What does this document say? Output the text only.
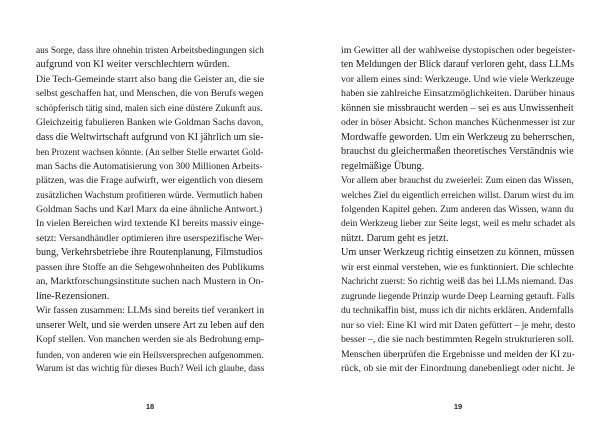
aus Sorge, dass ihre ohnehin tristen Arbeitsbedingungen sich
aufgrund von KI weiter verschlechtern würden.
Die Tech-Gemeinde starrt also bang die Geister an, die sie
selbst geschaffen hat, und Menschen, die von Berufs wegen
schöpferisch tätig sind, malen sich eine düstere Zukunft aus.
Gleichzeitig fabulieren Banken wie Goldman Sachs davon,
dass die Weltwirtschaft aufgrund von KI jährlich um sie-
ben Prozent wachsen könnte. (An selber Stelle erwartet Gold-
man Sachs die Automatisierung von 300 Millionen Arbeits-
plätzen, was die Frage aufwirft, wer eigentlich von diesem
zusätzlichen Wachstum profitieren würde. Vermutlich haben
Goldman Sachs und Karl Marx da eine ähnliche Antwort.)
In vielen Bereichen wird textende KI bereits massiv einge-
setzt: Versandhändler optimieren ihre userspezifische Wer-
bung, Verkehrsbetriebe ihre Routenplanung, Filmstudios
passen ihre Stoffe an die Sehgewohnheiten des Publikums
an, Marktforschungsinstitute suchen nach Mustern in On-
line-Rezensionen.
Wir fassen zusammen: LLMs sind bereits tief verankert in
unserer Welt, und sie werden unsere Art zu leben auf den
Kopf stellen. Von manchen werden sie als Bedrohung emp-
funden, von anderen wie ein Heilsversprechen aufgenommen.
Warum ist das wichtig für dieses Buch? Weil ich glaube, dass
18
im Gewitter all der wahlweise dystopischen oder begeister-
ten Meldungen der Blick darauf verloren geht, dass LLMs
vor allem eines sind: Werkzeuge. Und wie viele Werkzeuge
haben sie zahlreiche Einsatzmöglichkeiten. Darüber hinaus
können sie missbraucht werden – sei es aus Unwissenheit
oder in böser Absicht. Schon manches Küchenmesser ist zur
Mordwaffe geworden. Um ein Werkzeug zu beherrschen,
brauchst du gleichermaßen theoretisches Verständnis wie
regelmäßige Übung.
Vor allem aber brauchst du zweierlei: Zum einen das Wissen,
welches Ziel du eigentlich erreichen willst. Darum wirst du im
folgenden Kapitel gehen. Zum anderen das Wissen, wann du
dein Werkzeug lieber zur Seite legst, weil es mehr schadet als
nützt. Darum geht es jetzt.
Um unser Werkzeug richtig einsetzen zu können, müssen
wir erst einmal verstehen, wie es funktioniert. Die schlechte
Nachricht zuerst: So richtig weiß das bei LLMs niemand. Das
zugrunde liegende Prinzip wurde Deep Learning getauft. Falls
du technikaffin bist, muss ich dir nichts erklären. Andernfalls
nur so viel: Eine KI wird mit Daten gefüttert – je mehr, desto
besser –, die sie nach bestimmten Regeln strukturieren soll.
Menschen überprüfen die Ergebnisse und melden der KI zu-
rück, ob sie mit der Einordnung danebenliegt oder nicht. Je
19
